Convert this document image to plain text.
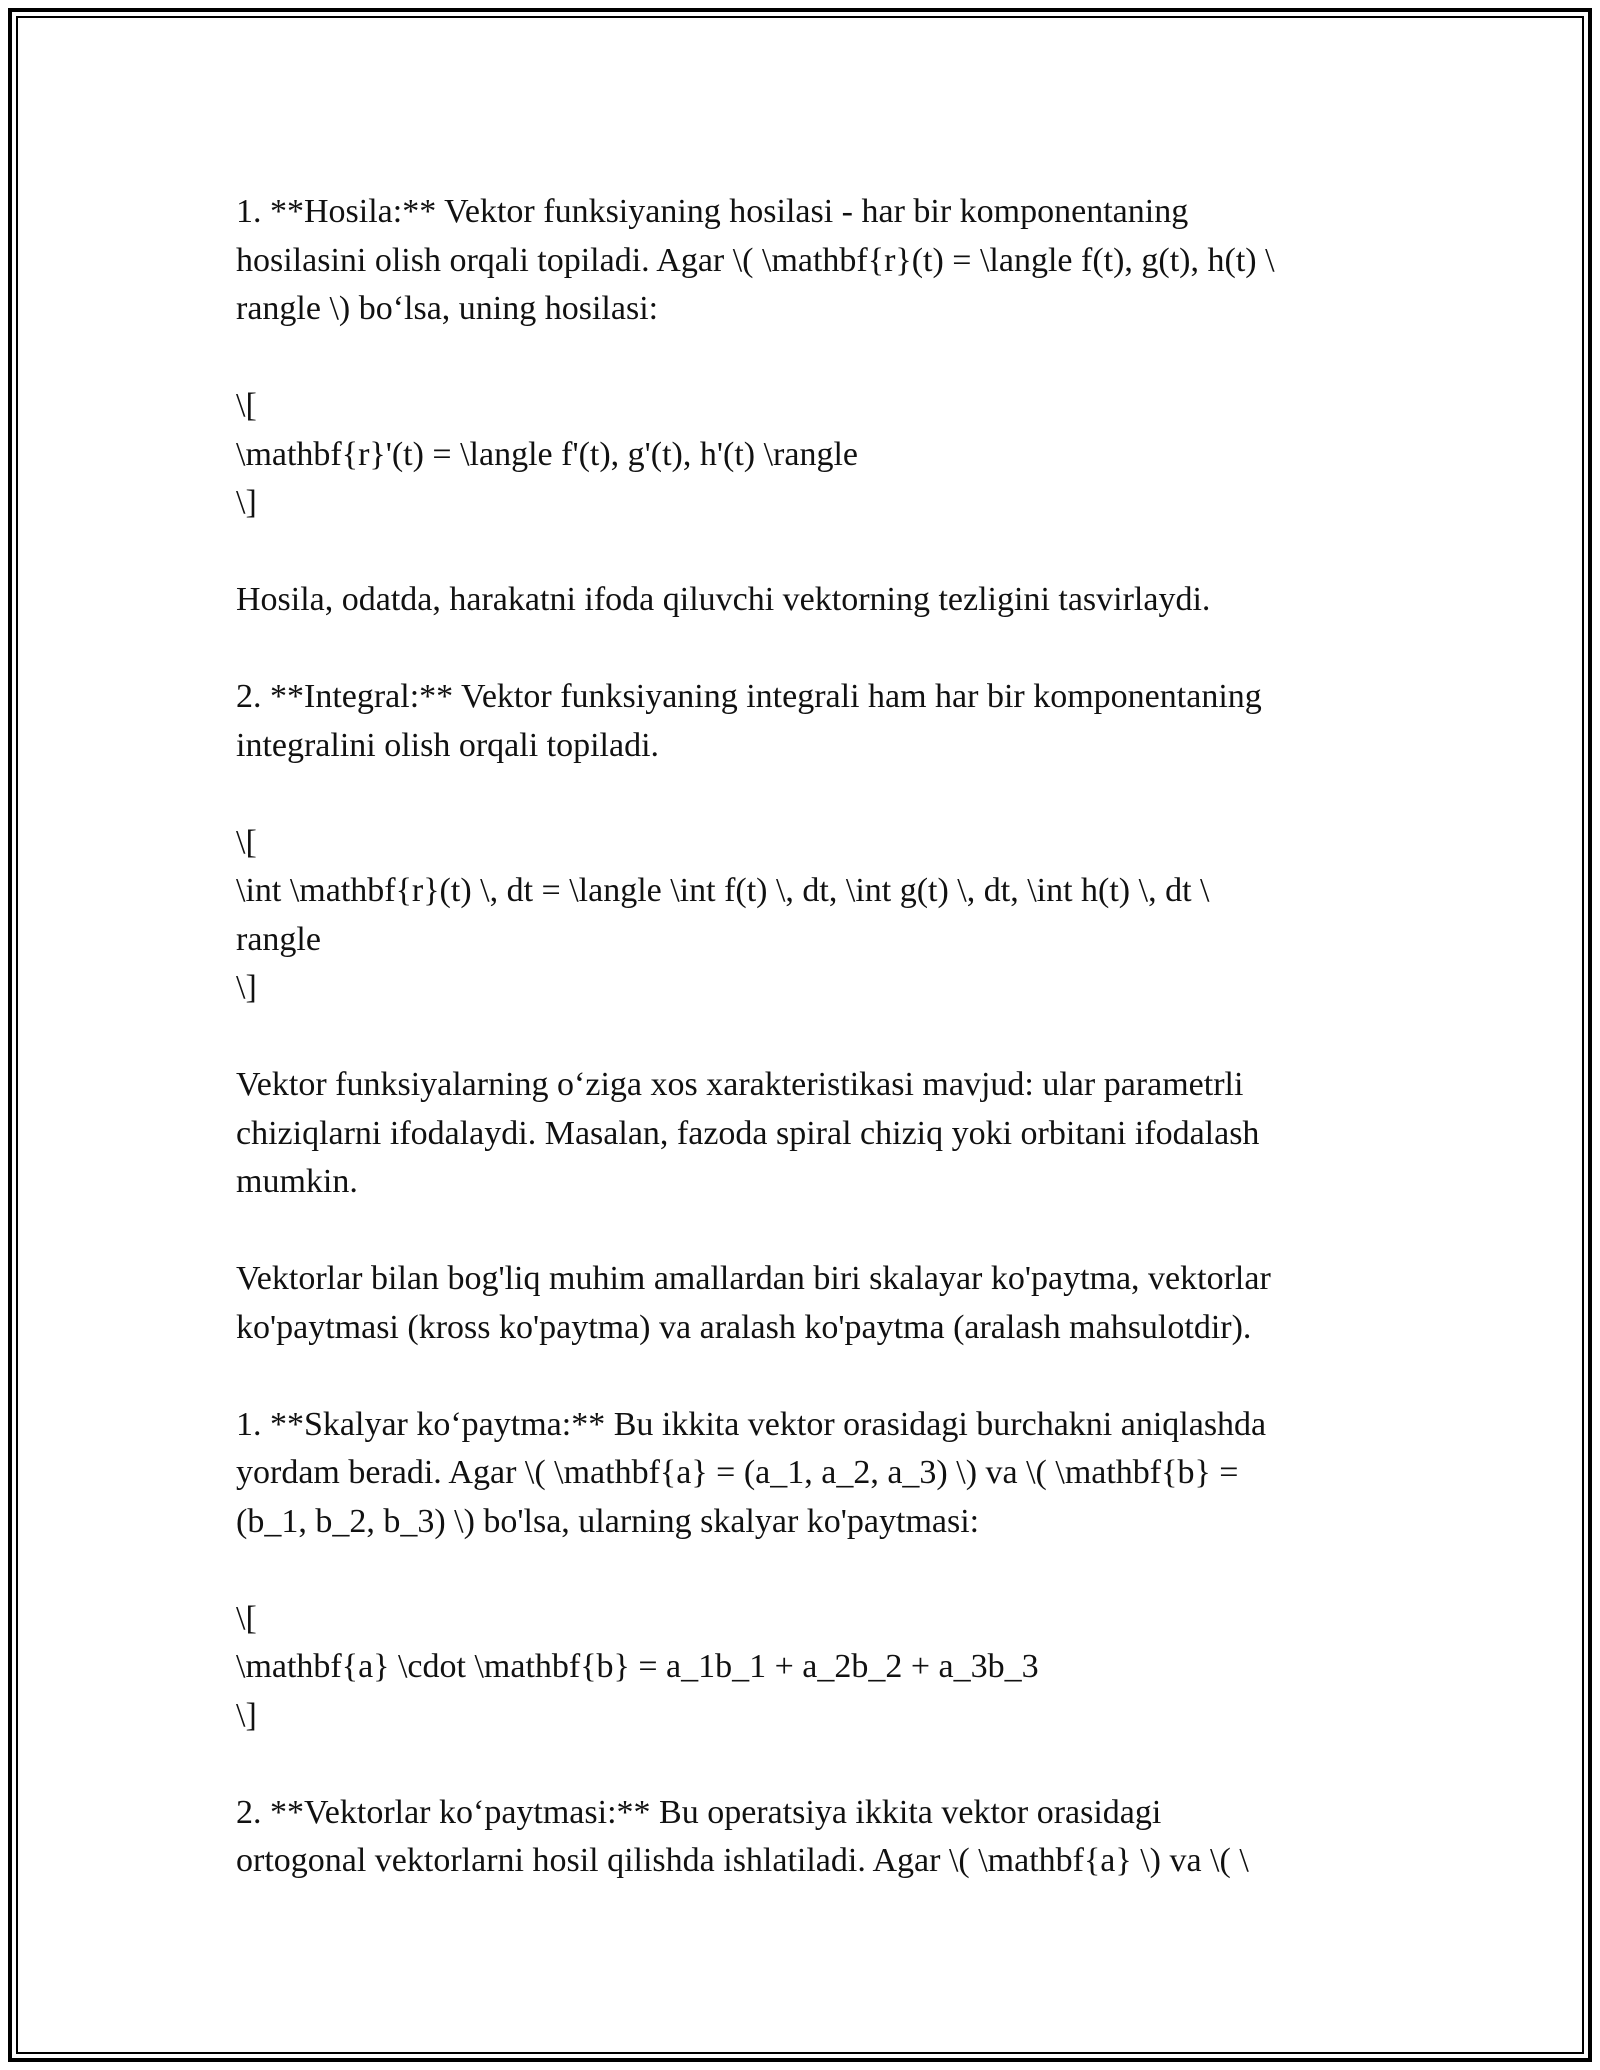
1. **Hosila:** Vektor funksiyaning hosilasi - har bir komponentaning
hosilasini olish orqali topiladi. Agar \( \mathbf{r}(t) = \langle f(t), g(t), h(t) \
rangle \) bo‘lsa, uning hosilasi:
\[
\mathbf{r}'(t) = \langle f'(t), g'(t), h'(t) \rangle
\]
Hosila, odatda, harakatni ifoda qiluvchi vektorning tezligini tasvirlaydi.
2. **Integral:** Vektor funksiyaning integrali ham har bir komponentaning
integralini olish orqali topiladi.
\[
\int \mathbf{r}(t) \, dt = \langle \int f(t) \, dt, \int g(t) \, dt, \int h(t) \, dt \
rangle
\]
Vektor funksiyalarning o‘ziga xos xarakteristikasi mavjud: ular parametrli
chiziqlarni ifodalaydi. Masalan, fazoda spiral chiziq yoki orbitani ifodalash
mumkin.
Vektorlar bilan bog'liq muhim amallardan biri skalayar ko'paytma, vektorlar
ko'paytmasi (kross ko'paytma) va aralash ko'paytma (aralash mahsulotdir).
1. **Skalyar ko‘paytma:** Bu ikkita vektor orasidagi burchakni aniqlashda
yordam beradi. Agar \( \mathbf{a} = (a_1, a_2, a_3) \) va \( \mathbf{b} =
(b_1, b_2, b_3) \) bo'lsa, ularning skalyar ko'paytmasi:
\[
\mathbf{a} \cdot \mathbf{b} = a_1b_1 + a_2b_2 + a_3b_3
\]
2. **Vektorlar ko‘paytmasi:** Bu operatsiya ikkita vektor orasidagi
ortogonal vektorlarni hosil qilishda ishlatiladi. Agar \( \mathbf{a} \) va \( \
